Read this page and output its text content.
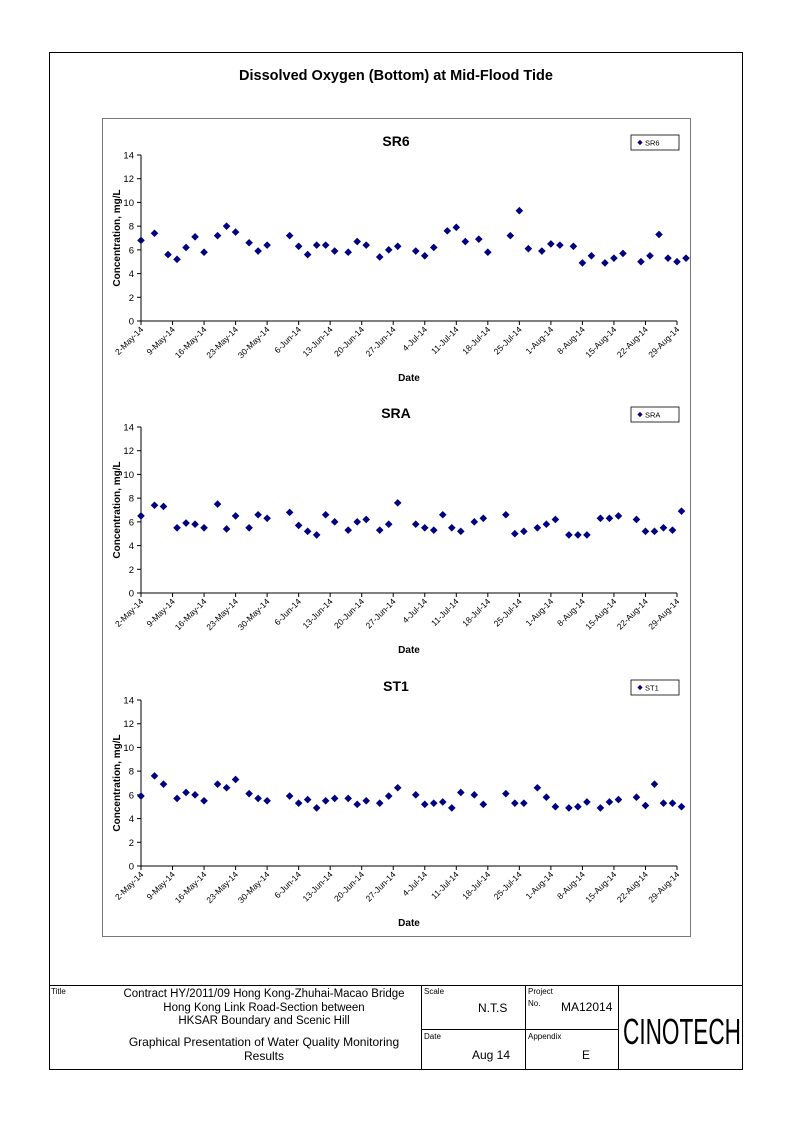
Dissolved Oxygen (Bottom) at Mid-Flood Tide
SR6
0
2
4
6
8
10
12
14
2-May-14 9-May-14
16-May-14
23-May-14
30-May-14 6-Jun-14
13-Jun-14
20-Jun-14
27-Jun-14 4-Jul-14 11-Jul-14 18-Jul-14 25-Jul-14 1-Aug-14 8-Aug-14
15-Aug-14
22-Aug-14
29-Aug-14
Date
Concentration, mg/L
SR6
SRA
0
2
4
6
8
10
12
14
2-May-14 9-May-14
16-May-14
23-May-14
30-May-14 6-Jun-14
13-Jun-14
20-Jun-14
27-Jun-14 4-Jul-14 11-Jul-14 18-Jul-14 25-Jul-14 1-Aug-14 8-Aug-14
15-Aug-14
22-Aug-14
29-Aug-14
Date
Concentration, mg/L
SRA
ST1
0
2
4
6
8
10
12
14
2-May-14 9-May-14
16-May-14
23-May-14
30-May-14 6-Jun-14
13-Jun-14
20-Jun-14
27-Jun-14 4-Jul-14 11-Jul-14 18-Jul-14 25-Jul-14 1-Aug-14 8-Aug-14
15-Aug-14
22-Aug-14
29-Aug-14
Date
Concentration, mg/L
ST1
Title	Contract HY/2011/09 Hong Kong-Zhuhai-Macao Bridge
Hong Kong Link Road-Section between
HKSAR Boundary and Scenic Hill
Graphical Presentation of Water Quality Monitoring
Results
Scale
N.T.S
Date
Aug 14
Project
No. MA12014
Appendix
E
CINOTECH
